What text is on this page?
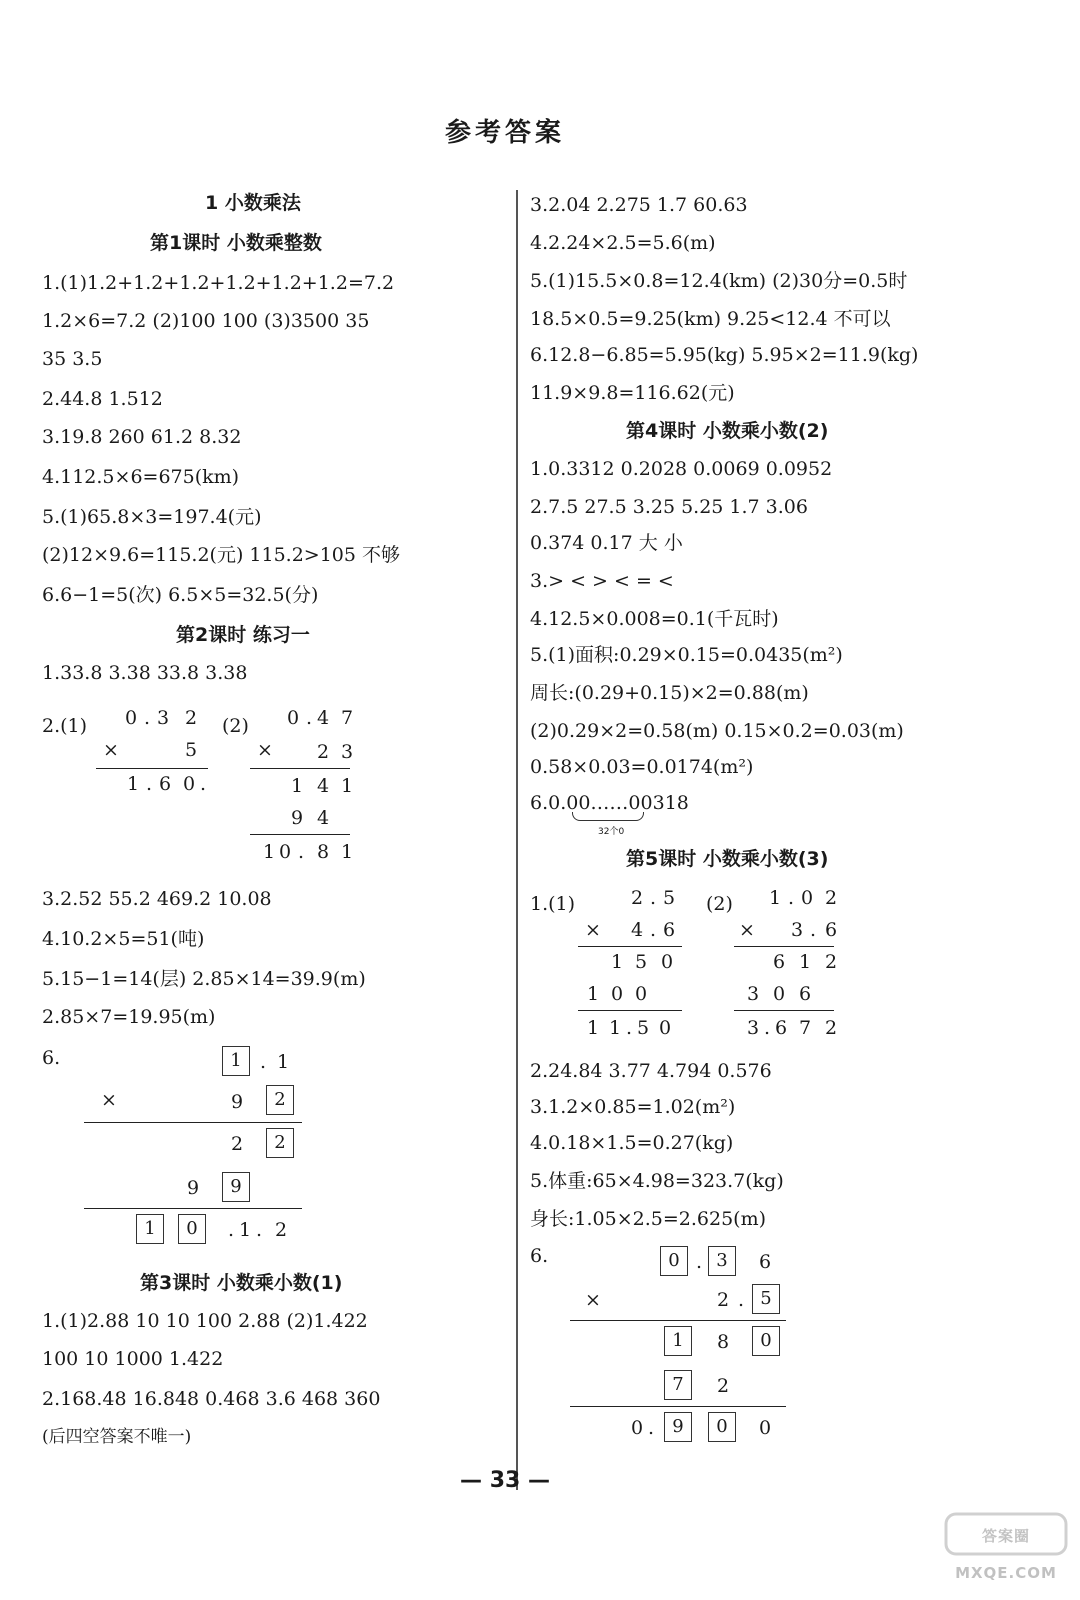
参考答案
1 小数乘法
第1课时 小数乘整数
1.(1)1.2+1.2+1.2+1.2+1.2+1.2=7.2
1.2×6=7.2 (2)100 100 (3)3500 35
35 3.5
2.44.8 1.512
3.19.8 260 61.2 8.32
4.112.5×6=675(km)
5.(1)65.8×3=197.4(元)
(2)12×9.6=115.2(元) 115.2>105 不够
6.6−1=5(次) 6.5×5=32.5(分)
第2课时 练习一
1.33.8 3.38 33.8 3.38
2.(1)	0 . 3 2
×	5
1 . 6 0 .
(2)	0 . 4 7
×	2 3
1 4 1
9 4
1 0 . 8 1
3.2.52 55.2 469.2 10.08
4.10.2×5=51(吨)
5.15−1=14(层) 2.85×14=39.9(m)
2.85×7=19.95(m)
6.	1 . 1
×	9	2
2	2
9	9
1	0	. 1 . 2
第3课时 小数乘小数(1)
1.(1)2.88 10 10 100 2.88 (2)1.422
100 10 1000 1.422
2.168.48 16.848 0.468 3.6 468 360
(后四空答案不唯一)
3.2.04 2.275 1.7 60.63
4.2.24×2.5=5.6(m)
5.(1)15.5×0.8=12.4(km) (2)30分=0.5时
18.5×0.5=9.25(km) 9.25<12.4 不可以
6.12.8−6.85=5.95(kg) 5.95×2=11.9(kg)
11.9×9.8=116.62(元)
第4课时 小数乘小数(2)
1.0.3312 0.2028 0.0069 0.0952
2.7.5 27.5 3.25 5.25 1.7 3.06
0.374 0.17 大 小
3.> < > < = <
4.12.5×0.008=0.1(千瓦时)
5.(1)面积:0.29×0.15=0.0435(m²)
周长:(0.29+0.15)×2=0.88(m)
(2)0.29×2=0.58(m) 0.15×0.2=0.03(m)
0.58×0.03=0.0174(m²)
6.0.00……00318
32个0
第5课时 小数乘小数(3)
1.(1)	2 . 5
×	4 . 6
1 5 0
1 0 0
1 1 . 5 0
(2)	1 . 0 2
×	3 . 6
6 1 2
3 0 6
3 . 6 7 2
2.24.84 3.77 4.794 0.576
3.1.2×0.85=1.02(m²)
4.0.18×1.5=0.27(kg)
5.体重:65×4.98=323.7(kg)
身长:1.05×2.5=2.625(m)
6.	0 . 3	6
×	2 . 5
1	8	0
7	2
0 .	9	0	0
— 33 —
答案圈
MXQE.COM
